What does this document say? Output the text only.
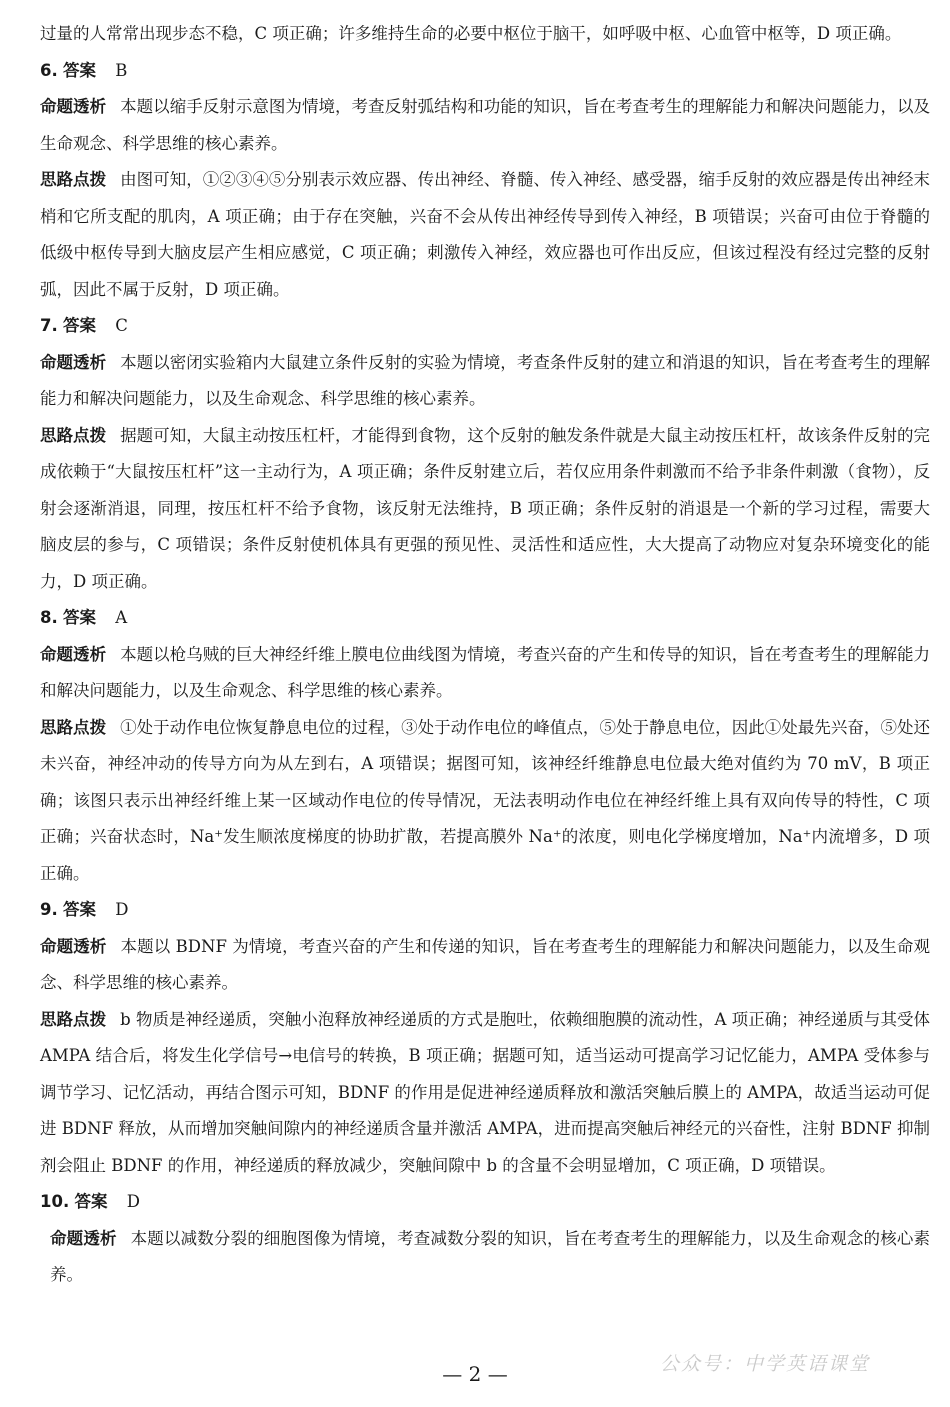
过量的人常常出现步态不稳，C 项正确；许多维持生命的必要中枢位于脑干，如呼吸中枢、心血管中枢等，D 项正确。

6. 答案 B

命题透析 本题以缩手反射示意图为情境，考查反射弧结构和功能的知识，旨在考查考生的理解能力和解决问题能力，以及生命观念、科学思维的核心素养。

思路点拨 由图可知，①②③④⑤分别表示效应器、传出神经、脊髓、传入神经、感受器，缩手反射的效应器是传出神经末梢和它所支配的肌肉，A 项正确；由于存在突触，兴奋不会从传出神经传导到传入神经，B 项错误；兴奋可由位于脊髓的低级中枢传导到大脑皮层产生相应感觉，C 项正确；刺激传入神经，效应器也可作出反应，但该过程没有经过完整的反射弧，因此不属于反射，D 项正确。

7. 答案 C

命题透析 本题以密闭实验箱内大鼠建立条件反射的实验为情境，考查条件反射的建立和消退的知识，旨在考查考生的理解能力和解决问题能力，以及生命观念、科学思维的核心素养。

思路点拨 据题可知，大鼠主动按压杠杆，才能得到食物，这个反射的触发条件就是大鼠主动按压杠杆，故该条件反射的完成依赖于“大鼠按压杠杆”这一主动行为，A 项正确；条件反射建立后，若仅应用条件刺激而不给予非条件刺激（食物），反射会逐渐消退，同理，按压杠杆不给予食物，该反射无法维持，B 项正确；条件反射的消退是一个新的学习过程，需要大脑皮层的参与，C 项错误；条件反射使机体具有更强的预见性、灵活性和适应性，大大提高了动物应对复杂环境变化的能力，D 项正确。

8. 答案 A

命题透析 本题以枪乌贼的巨大神经纤维上膜电位曲线图为情境，考查兴奋的产生和传导的知识，旨在考查考生的理解能力和解决问题能力，以及生命观念、科学思维的核心素养。

思路点拨 ①处于动作电位恢复静息电位的过程，③处于动作电位的峰值点，⑤处于静息电位，因此①处最先兴奋，⑤处还未兴奋，神经冲动的传导方向为从左到右，A 项错误；据图可知，该神经纤维静息电位最大绝对值约为 70 mV，B 项正确；该图只表示出神经纤维上某一区域动作电位的传导情况，无法表明动作电位在神经纤维上具有双向传导的特性，C 项正确；兴奋状态时，Na⁺发生顺浓度梯度的协助扩散，若提高膜外 Na⁺的浓度，则电化学梯度增加，Na⁺内流增多，D 项正确。

9. 答案 D

命题透析 本题以 BDNF 为情境，考查兴奋的产生和传递的知识，旨在考查考生的理解能力和解决问题能力，以及生命观念、科学思维的核心素养。

思路点拨 b 物质是神经递质，突触小泡释放神经递质的方式是胞吐，依赖细胞膜的流动性，A 项正确；神经递质与其受体 AMPA 结合后，将发生化学信号→电信号的转换，B 项正确；据题可知，适当运动可提高学习记忆能力，AMPA 受体参与调节学习、记忆活动，再结合图示可知，BDNF 的作用是促进神经递质释放和激活突触后膜上的 AMPA，故适当运动可促进 BDNF 释放，从而增加突触间隙内的神经递质含量并激活 AMPA，进而提高突触后神经元的兴奋性，注射 BDNF 抑制剂会阻止 BDNF 的作用，神经递质的释放减少，突触间隙中 b 的含量不会明显增加，C 项正确，D 项错误。

10. 答案 D

命题透析 本题以减数分裂的细胞图像为情境，考查减数分裂的知识，旨在考查考生的理解能力，以及生命观念的核心素养。

— 2 —	公众号：中学英语课堂
